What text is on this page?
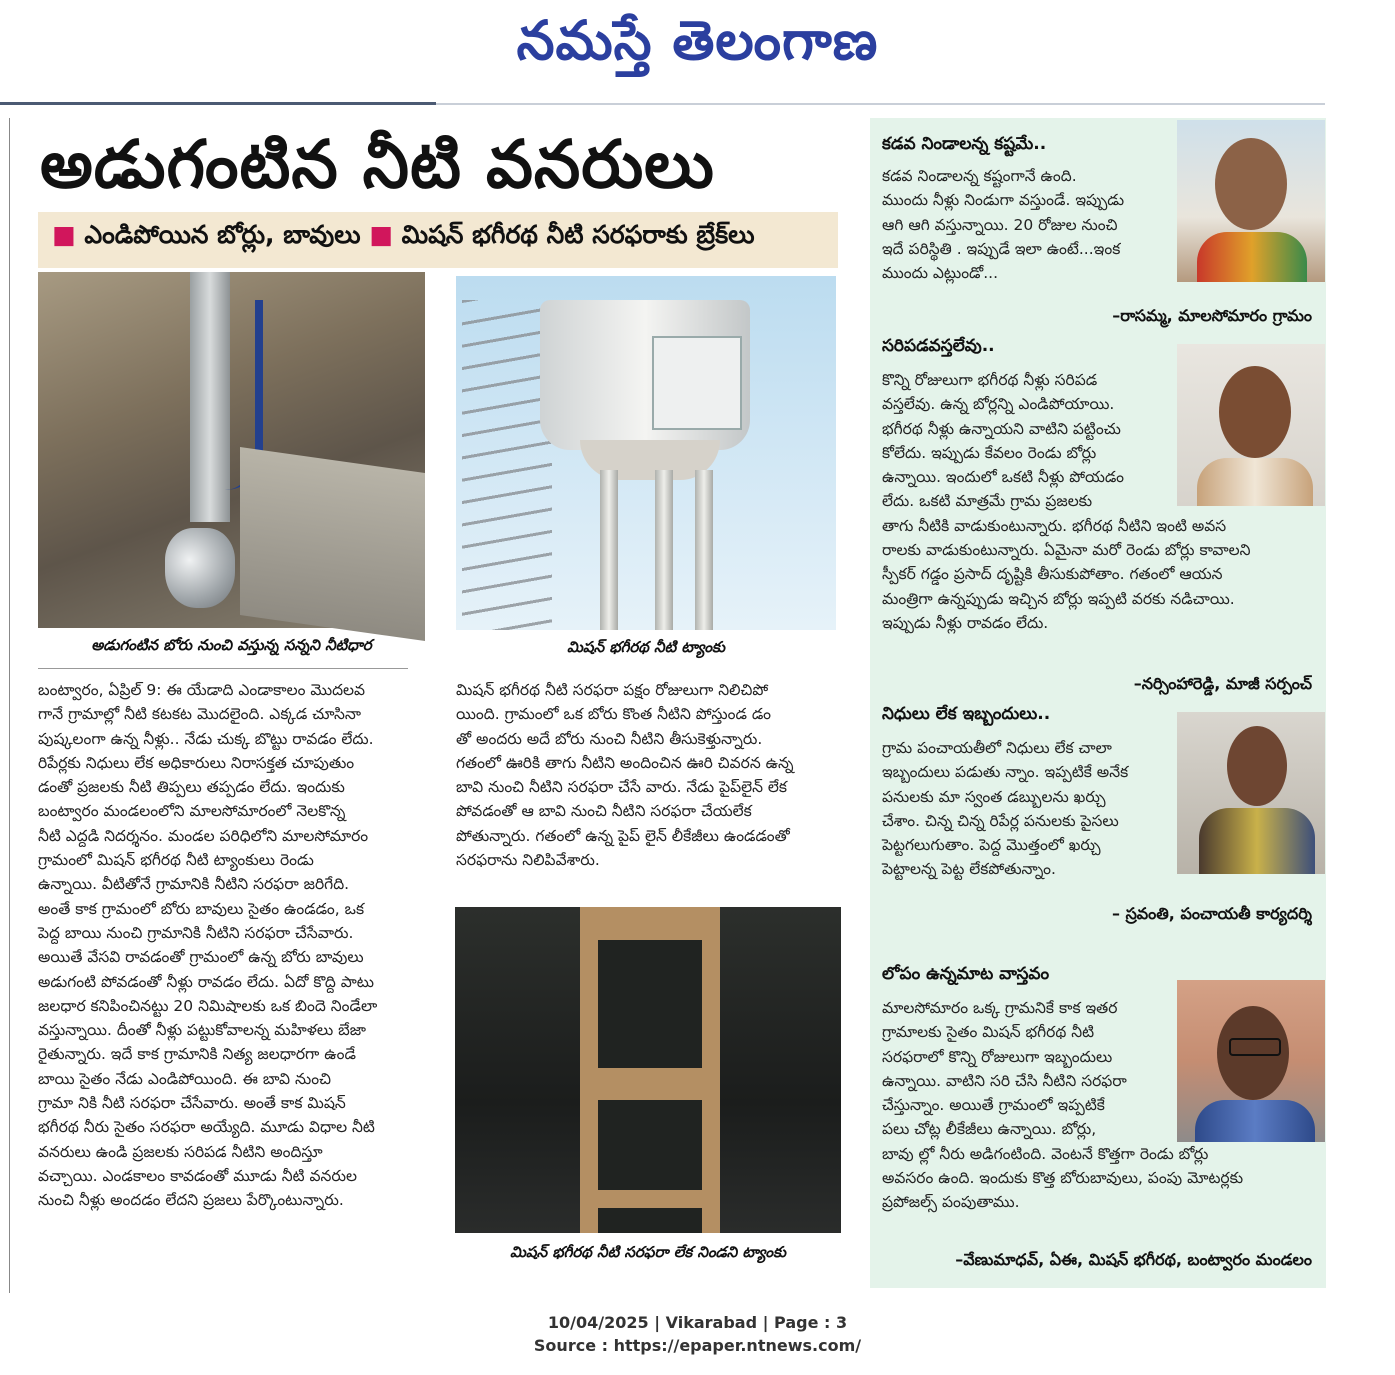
నమస్తే తెలంగాణ
అడుగంటిన నీటి వనరులు
■ ఎండిపోయిన బోర్లు, బావులు ■ మిషన్ భగీరథ నీటి సరఫరాకు బ్రేక్‌లు
అడుగంటిన బోరు నుంచి వస్తున్న సన్నని నీటిధార	మిషన్ భగీరథ నీటి ట్యాంకు
బంట్వారం, ఏప్రిల్ 9: ఈ యేడాది ఎండాకాలం మొదలవ
గానే గ్రామాల్లో నీటి కటకట మొదలైంది. ఎక్కడ చూసినా
పుష్కలంగా ఉన్న నీళ్లు.. నేడు చుక్క బొట్టు రావడం లేదు.
రిపేర్లకు నిధులు లేక అధికారులు నిరాసక్తత చూపుతుం
డంతో ప్రజలకు నీటి తిప్పలు తప్పడం లేదు. ఇందుకు
బంట్వారం మండలంలోని మాలసోమారంలో నెలకొన్న
నీటి ఎద్దడి నిదర్శనం. మండల పరిధిలోని మాలసోమారం
గ్రామంలో మిషన్ భగీరథ నీటి ట్యాంకులు రెండు
ఉన్నాయి. వీటితోనే గ్రామానికి నీటిని సరఫరా జరిగేది.
అంతే కాక గ్రామంలో బోరు బావులు సైతం ఉండడం, ఒక
పెద్ద బాయి నుంచి గ్రామానికి నీటిని సరఫరా చేసేవారు.
అయితే వేసవి రావడంతో గ్రామంలో ఉన్న బోరు బావులు
అడుగంటి పోవడంతో నీళ్లు రావడం లేదు. ఏదో కొద్ది పాటు
జలధార కనిపించినట్టు 20 నిమిషాలకు ఒక బిందె నిండేలా
వస్తున్నాయి. దీంతో నీళ్లు పట్టుకోవాలన్న మహిళలు బేజా
రైతున్నారు. ఇదే కాక గ్రామానికి నిత్య జలధారగా ఉండే
బాయి సైతం నేడు ఎండిపోయింది. ఈ బావి నుంచి
గ్రామా నికి నీటి సరఫరా చేసేవారు. అంతే కాక మిషన్
భగీరథ నీరు సైతం సరఫరా అయ్యేది. మూడు విధాల నీటి
వనరులు ఉండి ప్రజలకు సరిపడ నీటిని అందిస్తూ
వచ్చాయి. ఎండకాలం కావడంతో మూడు నీటి వనరుల
నుంచి నీళ్లు అందడం లేదని ప్రజలు పేర్కొంటున్నారు.
మిషన్ భగీరథ నీటి సరఫరా పక్షం రోజులుగా నిలిచిపో
యింది. గ్రామంలో ఒక బోరు కొంత నీటిని పోస్తుండ డం
తో అందరు అదే బోరు నుంచి నీటిని తీసుకెళ్తున్నారు.
గతంలో ఊరికి తాగు నీటిని అందించిన ఊరి చివరన ఉన్న
బావి నుంచి నీటిని సరఫరా చేసే వారు. నేడు పైప్‌లైన్ లేక
పోవడంతో ఆ బావి నుంచి నీటిని సరఫరా చేయలేక
పోతున్నారు. గతంలో ఉన్న పైప్ లైన్ లీకేజీలు ఉండడంతో
సరఫరాను నిలిపివేశారు.
మిషన్ భగీరథ నీటి సరఫరా లేక నిండని ట్యాంకు
కడవ నిండాలన్న కష్టమే..
కడవ నిండాలన్న కష్టంగానే ఉంది.
ముందు నీళ్లు నిండుగా వస్తుండే. ఇప్పుడు
ఆగి ఆగి వస్తున్నాయి. 20 రోజుల నుంచి
ఇదే పరిస్థితి . ఇప్పుడే ఇలా ఉంటే...ఇంక
ముందు ఎట్లుండో...
–రాసమ్మ, మాలసోమారం గ్రామం
సరిపడవస్తలేవు..
కొన్ని రోజులుగా భగీరథ నీళ్లు సరిపడ
వస్తలేవు. ఉన్న బోర్లన్ని ఎండిపోయాయి.
భగీరథ నీళ్లు ఉన్నాయని వాటిని పట్టించు
కోలేదు. ఇప్పుడు కేవలం రెండు బోర్లు
ఉన్నాయి. ఇందులో ఒకటి నీళ్లు పోయడం
లేదు. ఒకటి మాత్రమే గ్రామ ప్రజలకు
తాగు నీటికి వాడుకుంటున్నారు. భగీరథ నీటిని ఇంటి అవస
రాలకు వాడుకుంటున్నారు. ఏమైనా మరో రెండు బోర్లు కావాలని
స్పీకర్ గడ్డం ప్రసాద్ దృష్టికి తీసుకుపోతాం. గతంలో ఆయన
మంత్రిగా ఉన్నప్పుడు ఇచ్చిన బోర్లు ఇప్పటి వరకు నడిచాయి.
ఇప్పుడు నీళ్లు రావడం లేదు.
–నర్సింహారెడ్డి, మాజీ సర్పంచ్
నిధులు లేక ఇబ్బందులు..
గ్రామ పంచాయతీలో నిధులు లేక చాలా
ఇబ్బందులు పడుతు న్నాం. ఇప్పటికే అనేక
పనులకు మా స్వంత డబ్బులను ఖర్చు
చేశాం. చిన్న చిన్న రిపేర్ల పనులకు పైసలు
పెట్టగలుగుతాం. పెద్ద మొత్తంలో ఖర్చు
పెట్టాలన్న పెట్ట లేకపోతున్నాం.
– స్రవంతి, పంచాయతీ కార్యదర్శి
లోపం ఉన్నమాట వాస్తవం
మాలసోమారం ఒక్క గ్రామనికే కాక ఇతర
గ్రామాలకు సైతం మిషన్ భగీరథ నీటి
సరఫరాలో కొన్ని రోజులుగా ఇబ్బందులు
ఉన్నాయి. వాటిని సరి చేసి నీటిని సరఫరా
చేస్తున్నాం. అయితే గ్రామంలో ఇప్పటికే
పలు చోట్ల లీకేజీలు ఉన్నాయి. బోర్లు,
బావు ల్లో నీరు అడిగంటింది. వెంటనే కొత్తగా రెండు బోర్లు
అవసరం ఉంది. ఇందుకు కొత్త బోరుబావులు, పంపు మోటర్లకు
ప్రపోజల్స్ పంపుతాము.
–వేణుమాధవ్, ఏఈ, మిషన్ భగీరథ, బంట్వారం మండలం
10/04/2025 | Vikarabad | Page : 3
Source : https://epaper.ntnews.com/
